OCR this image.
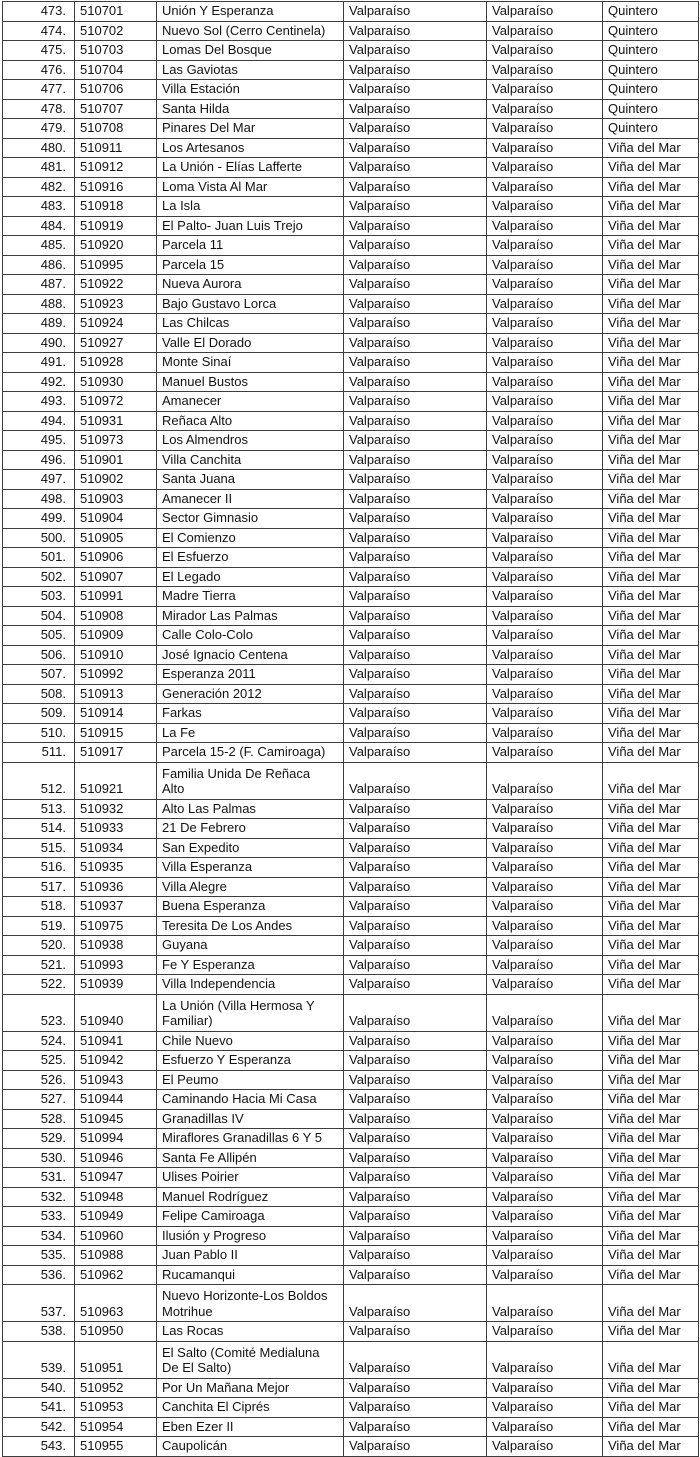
473.	510701	Unión Y Esperanza	Valparaíso	Valparaíso	Quintero
474.	510702	Nuevo Sol (Cerro Centinela)	Valparaíso	Valparaíso	Quintero
475.	510703	Lomas Del Bosque	Valparaíso	Valparaíso	Quintero
476.	510704	Las Gaviotas	Valparaíso	Valparaíso	Quintero
477.	510706	Villa Estación	Valparaíso	Valparaíso	Quintero
478.	510707	Santa Hilda	Valparaíso	Valparaíso	Quintero
479.	510708	Pinares Del Mar	Valparaíso	Valparaíso	Quintero
480.	510911	Los Artesanos	Valparaíso	Valparaíso	Viña del Mar
481.	510912	La Unión - Elías Lafferte	Valparaíso	Valparaíso	Viña del Mar
482.	510916	Loma Vista Al Mar	Valparaíso	Valparaíso	Viña del Mar
483.	510918	La Isla	Valparaíso	Valparaíso	Viña del Mar
484.	510919	El Palto- Juan Luis Trejo	Valparaíso	Valparaíso	Viña del Mar
485.	510920	Parcela 11	Valparaíso	Valparaíso	Viña del Mar
486.	510995	Parcela 15	Valparaíso	Valparaíso	Viña del Mar
487.	510922	Nueva Aurora	Valparaíso	Valparaíso	Viña del Mar
488.	510923	Bajo Gustavo Lorca	Valparaíso	Valparaíso	Viña del Mar
489.	510924	Las Chilcas	Valparaíso	Valparaíso	Viña del Mar
490.	510927	Valle El Dorado	Valparaíso	Valparaíso	Viña del Mar
491.	510928	Monte Sinaí	Valparaíso	Valparaíso	Viña del Mar
492.	510930	Manuel Bustos	Valparaíso	Valparaíso	Viña del Mar
493.	510972	Amanecer	Valparaíso	Valparaíso	Viña del Mar
494.	510931	Reñaca Alto	Valparaíso	Valparaíso	Viña del Mar
495.	510973	Los Almendros	Valparaíso	Valparaíso	Viña del Mar
496.	510901	Villa Canchita	Valparaíso	Valparaíso	Viña del Mar
497.	510902	Santa Juana	Valparaíso	Valparaíso	Viña del Mar
498.	510903	Amanecer II	Valparaíso	Valparaíso	Viña del Mar
499.	510904	Sector Gimnasio	Valparaíso	Valparaíso	Viña del Mar
500.	510905	El Comienzo	Valparaíso	Valparaíso	Viña del Mar
501.	510906	El Esfuerzo	Valparaíso	Valparaíso	Viña del Mar
502.	510907	El Legado	Valparaíso	Valparaíso	Viña del Mar
503.	510991	Madre Tierra	Valparaíso	Valparaíso	Viña del Mar
504.	510908	Mirador Las Palmas	Valparaíso	Valparaíso	Viña del Mar
505.	510909	Calle Colo-Colo	Valparaíso	Valparaíso	Viña del Mar
506.	510910	José Ignacio Centena	Valparaíso	Valparaíso	Viña del Mar
507.	510992	Esperanza 2011	Valparaíso	Valparaíso	Viña del Mar
508.	510913	Generación 2012	Valparaíso	Valparaíso	Viña del Mar
509.	510914	Farkas	Valparaíso	Valparaíso	Viña del Mar
510.	510915	La Fe	Valparaíso	Valparaíso	Viña del Mar
511.	510917	Parcela 15-2 (F. Camiroaga)	Valparaíso	Valparaíso	Viña del Mar
512.	510921	Familia Unida De Reñaca
Alto	Valparaíso	Valparaíso	Viña del Mar
513.	510932	Alto Las Palmas	Valparaíso	Valparaíso	Viña del Mar
514.	510933	21 De Febrero	Valparaíso	Valparaíso	Viña del Mar
515.	510934	San Expedito	Valparaíso	Valparaíso	Viña del Mar
516.	510935	Villa Esperanza	Valparaíso	Valparaíso	Viña del Mar
517.	510936	Villa Alegre	Valparaíso	Valparaíso	Viña del Mar
518.	510937	Buena Esperanza	Valparaíso	Valparaíso	Viña del Mar
519.	510975	Teresita De Los Andes	Valparaíso	Valparaíso	Viña del Mar
520.	510938	Guyana	Valparaíso	Valparaíso	Viña del Mar
521.	510993	Fe Y Esperanza	Valparaíso	Valparaíso	Viña del Mar
522.	510939	Villa Independencia	Valparaíso	Valparaíso	Viña del Mar
523.	510940	La Unión (Villa Hermosa Y
Familiar)	Valparaíso	Valparaíso	Viña del Mar
524.	510941	Chile Nuevo	Valparaíso	Valparaíso	Viña del Mar
525.	510942	Esfuerzo Y Esperanza	Valparaíso	Valparaíso	Viña del Mar
526.	510943	El Peumo	Valparaíso	Valparaíso	Viña del Mar
527.	510944	Caminando Hacia Mi Casa	Valparaíso	Valparaíso	Viña del Mar
528.	510945	Granadillas IV	Valparaíso	Valparaíso	Viña del Mar
529.	510994	Miraflores Granadillas 6 Y 5	Valparaíso	Valparaíso	Viña del Mar
530.	510946	Santa Fe Allipén	Valparaíso	Valparaíso	Viña del Mar
531.	510947	Ulises Poirier	Valparaíso	Valparaíso	Viña del Mar
532.	510948	Manuel Rodríguez	Valparaíso	Valparaíso	Viña del Mar
533.	510949	Felipe Camiroaga	Valparaíso	Valparaíso	Viña del Mar
534.	510960	Ilusión y Progreso	Valparaíso	Valparaíso	Viña del Mar
535.	510988	Juan Pablo II	Valparaíso	Valparaíso	Viña del Mar
536.	510962	Rucamanqui	Valparaíso	Valparaíso	Viña del Mar
537.	510963	Nuevo Horizonte-Los Boldos
Motrihue	Valparaíso	Valparaíso	Viña del Mar
538.	510950	Las Rocas	Valparaíso	Valparaíso	Viña del Mar
539.	510951	El Salto (Comité Medialuna
De El Salto)	Valparaíso	Valparaíso	Viña del Mar
540.	510952	Por Un Mañana Mejor	Valparaíso	Valparaíso	Viña del Mar
541.	510953	Canchita El Ciprés	Valparaíso	Valparaíso	Viña del Mar
542.	510954	Eben Ezer II	Valparaíso	Valparaíso	Viña del Mar
543.	510955	Caupolicán	Valparaíso	Valparaíso	Viña del Mar
